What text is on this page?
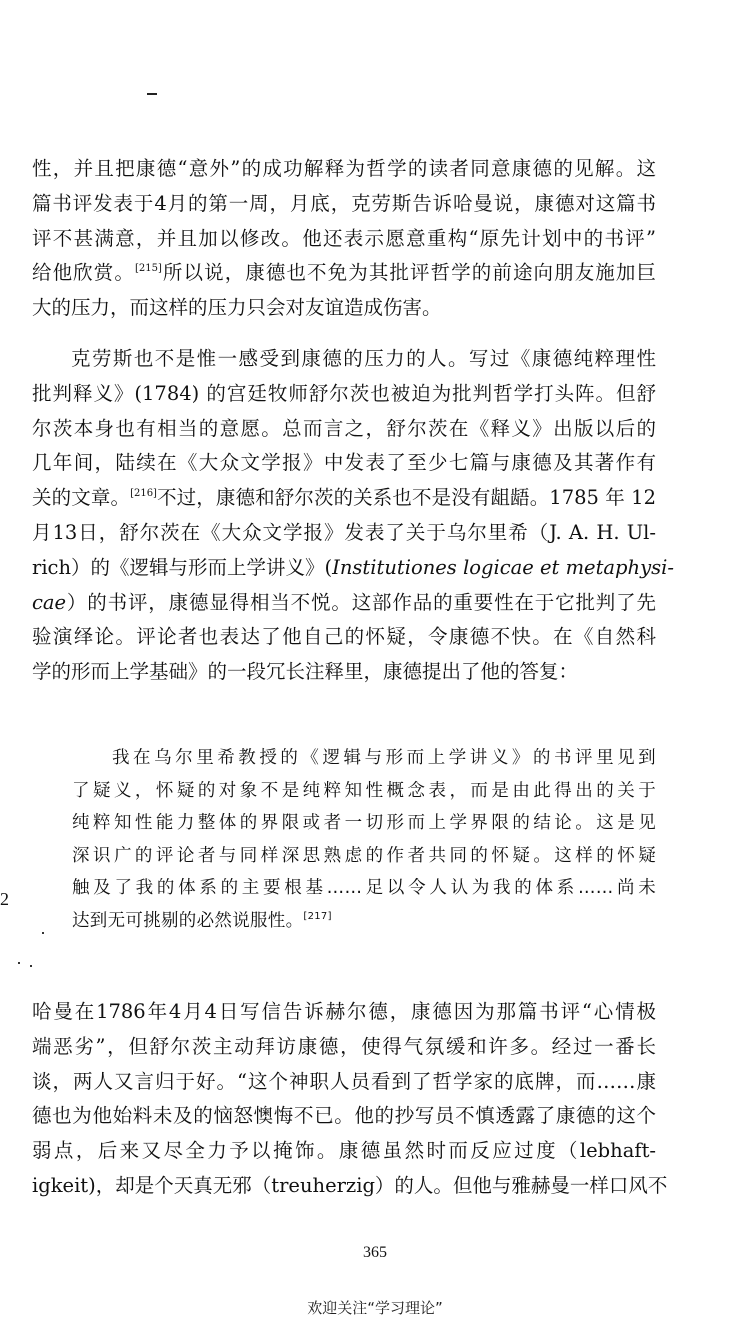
性，并且把康德“意外”的成功解释为哲学的读者同意康德的见解。这
篇书评发表于4月的第一周，月底，克劳斯告诉哈曼说，康德对这篇书
评不甚满意，并且加以修改。他还表示愿意重构“原先计划中的书评”
给他欣赏。[215]所以说，康德也不免为其批评哲学的前途向朋友施加巨
大的压力，而这样的压力只会对友谊造成伤害。
克劳斯也不是惟一感受到康德的压力的人。写过《康德纯粹理性
批判释义》(1784) 的宫廷牧师舒尔茨也被迫为批判哲学打头阵。但舒
尔茨本身也有相当的意愿。总而言之，舒尔茨在《释义》出版以后的
几年间，陆续在《大众文学报》中发表了至少七篇与康德及其著作有
关的文章。[216]不过，康德和舒尔茨的关系也不是没有龃龉。1785 年 12
月13日，舒尔茨在《大众文学报》发表了关于乌尔里希（J. A. H. Ul-
rich）的《逻辑与形而上学讲义》(Institutiones logicae et metaphysi-
cae）的书评，康德显得相当不悦。这部作品的重要性在于它批判了先
验演绎论。评论者也表达了他自己的怀疑，令康德不快。在《自然科
学的形而上学基础》的一段冗长注释里，康德提出了他的答复：
我在乌尔里希教授的《逻辑与形而上学讲义》的书评里见到
了疑义，怀疑的对象不是纯粹知性概念表，而是由此得出的关于
纯粹知性能力整体的界限或者一切形而上学界限的结论。这是见
深识广的评论者与同样深思熟虑的作者共同的怀疑。这样的怀疑
触及了我的体系的主要根基……足以令人认为我的体系……尚未
达到无可挑剔的必然说服性。[217]
2
哈曼在1786年4月4日写信告诉赫尔德，康德因为那篇书评“心情极
端恶劣”，但舒尔茨主动拜访康德，使得气氛缓和许多。经过一番长
谈，两人又言归于好。“这个神职人员看到了哲学家的底牌，而……康
德也为他始料未及的恼怒懊悔不已。他的抄写员不慎透露了康德的这个
弱点，后来又尽全力予以掩饰。康德虽然时而反应过度（lebhaft-
igkeit)，却是个天真无邪（treuherzig）的人。但他与雅赫曼一样口风不
365
欢迎关注“学习理论”
